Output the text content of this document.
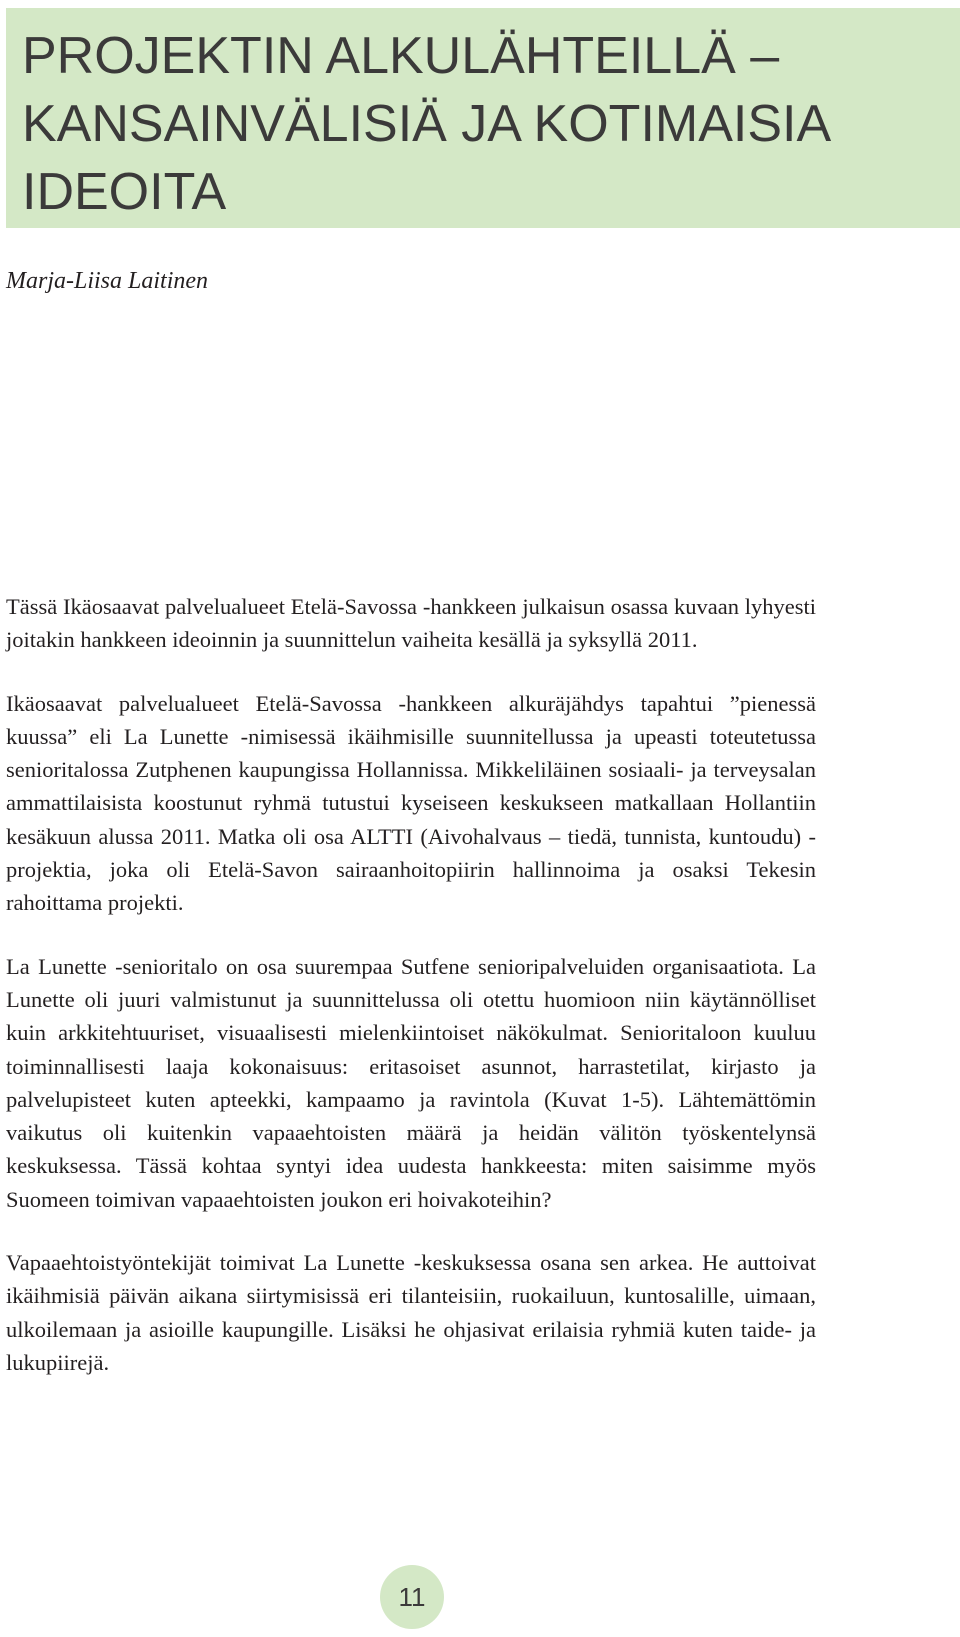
PROJEKTIN ALKULÄHTEILLÄ –
KANSAINVÄLISIÄ JA KOTIMAISIA
IDEOITA
Marja-Liisa Laitinen

Tässä Ikäosaavat palvelualueet Etelä-Savossa -hankkeen julkaisun osassa kuvaan lyhyesti joitakin hankkeen ideoinnin ja suunnittelun vaiheita kesällä ja syksyllä 2011.

Ikäosaavat palvelualueet Etelä-Savossa -hankkeen alkuräjähdys tapahtui ”pienessä kuussa” eli La Lunette -nimisessä ikäihmisille suunnitellussa ja upeasti toteutetussa senioritalossa Zutphenen kaupungissa Hollannissa. Mikkeliläinen sosiaali- ja terveysalan ammattilaisista koostunut ryhmä tutustui kyseiseen keskukseen matkallaan Hollantiin kesäkuun alussa 2011. Matka oli osa ALTTI (Aivohalvaus – tiedä, tunnista, kuntoudu) -projektia, joka oli Etelä-Savon sairaanhoitopiirin hallinnoima ja osaksi Tekesin rahoittama projekti.

La Lunette -senioritalo on osa suurempaa Sutfene senioripalveluiden organisaatiota. La Lunette oli juuri valmistunut ja suunnittelussa oli otettu huomioon niin käytännölliset kuin arkkitehtuuriset, visuaalisesti mielenkiintoiset näkökulmat. Senioritaloon kuuluu toiminnallisesti laaja kokonaisuus: eritasoiset asunnot, harrastetilat, kirjasto ja palvelupisteet kuten apteekki, kampaamo ja ravintola (Kuvat 1-5). Lähtemättömin vaikutus oli kuitenkin vapaaehtoisten määrä ja heidän välitön työskentelynsä keskuksessa. Tässä kohtaa syntyi idea uudesta hankkeesta: miten saisimme myös Suomeen toimivan vapaaehtoisten joukon eri hoivakoteihin?

Vapaaehtoistyöntekijät toimivat La Lunette -keskuksessa osana sen arkea. He auttoivat ikäihmisiä päivän aikana siirtymisissä eri tilanteisiin, ruokailuun, kuntosalille, uimaan, ulkoilemaan ja asioille kaupungille. Lisäksi he ohjasivat erilaisia ryhmiä kuten taide- ja lukupiirejä.

11
